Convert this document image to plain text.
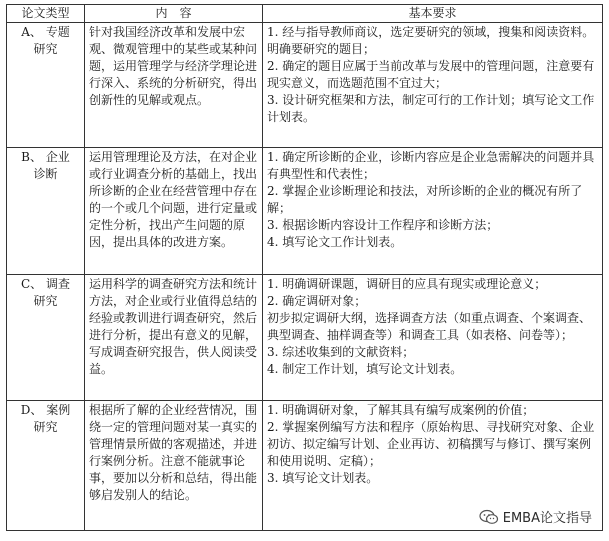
论文类型	内　容	基本要求

A、 专题
研究	针对我国经济改革和发展中宏观、微观管理中的某些或某种问题，运用管理学与经济学理论进行深入、系统的分析研究，得出创新性的见解或观点。	1. 经与指导教师商议，选定要研究的领域，搜集和阅读资料。明确要研究的题目；
2. 确定的题目应属于当前改革与发展中的管理问题，注意要有现实意义，而选题范围不宜过大；
3. 设计研究框架和方法，制定可行的工作计划；填写论文工作计划表。

B、 企业
诊断	运用管理理论及方法，在对企业或行业调查分析的基础上，找出所诊断的企业在经营管理中存在的一个或几个问题，进行定量或定性分析，找出产生问题的原因，提出具体的改进方案。	1. 确定所诊断的企业，诊断内容应是企业急需解决的问题并具有典型性和代表性；
2. 掌握企业诊断理论和技法，对所诊断的企业的概况有所了解；
3. 根据诊断内容设计工作程序和诊断方法；
4. 填写论文工作计划表。

C、 调查
研究	运用科学的调查研究方法和统计方法，对企业或行业值得总结的经验或教训进行调查研究，然后进行分析，提出有意义的见解，写成调查研究报告，供人阅读受益。	1. 明确调研课题，调研目的应具有现实或理论意义；
2. 确定调研对象；
初步拟定调研大纲，选择调查方法（如重点调查、个案调查、典型调查、抽样调查等）和调查工具（如表格、问卷等）；
3. 综述收集到的文献资料；
4. 制定工作计划，填写论文计划表。

D、 案例
研究	根据所了解的企业经营情况，围绕一定的管理问题对某一真实的管理情景所做的客观描述，并进行案例分析。注意不能就事论事，要加以分析和总结，得出能够启发别人的结论。	1. 明确调研对象，了解其具有编写成案例的价值；
2. 掌握案例编写方法和程序（原始构思、寻找研究对象、企业初访、拟定编写计划、企业再访、初稿撰写与修订、撰写案例和使用说明、定稿）；
3. 填写论文计划表。
EMBA论文指导
